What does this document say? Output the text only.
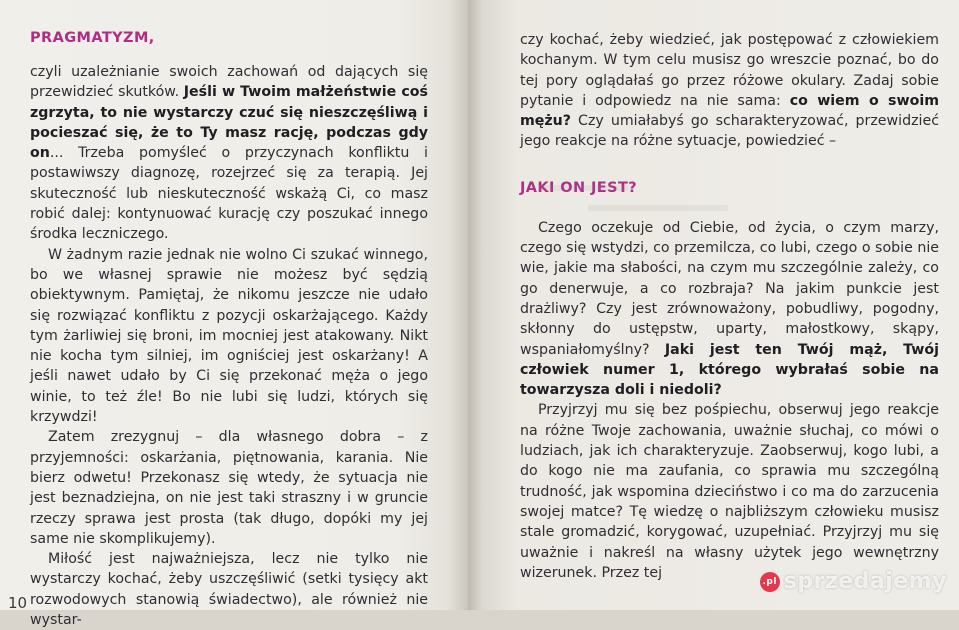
PRAGMATYZM,

czyli uzależnianie swoich zachowań od dających się przewidzieć skutków. Jeśli w Twoim małżeństwie coś zgrzyta, to nie wystarczy czuć się nieszczęśliwą i pocieszać się, że to Ty masz rację, podczas gdy on... Trzeba pomyśleć o przyczynach konfliktu i postawiwszy diagnozę, rozejrzeć się za terapią. Jej skuteczność lub nieskuteczność wskażą Ci, co masz robić dalej: kontynuować kurację czy poszukać innego środka leczniczego.

W żadnym razie jednak nie wolno Ci szukać winnego, bo we własnej sprawie nie możesz być sędzią obiektywnym. Pamiętaj, że nikomu jeszcze nie udało się rozwiązać konfliktu z pozycji oskarżającego. Każdy tym żarliwiej się broni, im mocniej jest atakowany. Nikt nie kocha tym silniej, im ogniściej jest oskarżany! A jeśli nawet udało by Ci się przekonać męża o jego winie, to też źle! Bo nie lubi się ludzi, których się krzywdzi!

Zatem zrezygnuj – dla własnego dobra – z przyjemności: oskarżania, piętnowania, karania. Nie bierz odwetu! Przekonasz się wtedy, że sytuacja nie jest beznadziejna, on nie jest taki straszny i w gruncie rzeczy sprawa jest prosta (tak długo, dopóki my jej same nie skomplikujemy).

Miłość jest najważniejsza, lecz nie tylko nie wystarczy kochać, żeby uszczęśliwić (setki tysięcy akt rozwodowych stanowią świadectwo), ale również nie wystar-

10

czy kochać, żeby wiedzieć, jak postępować z człowiekiem kochanym. W tym celu musisz go wreszcie poznać, bo do tej pory oglądałaś go przez różowe okulary. Zadaj sobie pytanie i odpowiedz na nie sama: co wiem o swoim mężu? Czy umiałabyś go scharakteryzować, przewidzieć jego reakcje na różne sytuacje, powiedzieć –

JAKI ON JEST?

Czego oczekuje od Ciebie, od życia, o czym marzy, czego się wstydzi, co przemilcza, co lubi, czego o sobie nie wie, jakie ma słabości, na czym mu szczególnie zależy, co go denerwuje, a co rozbraja? Na jakim punkcie jest drażliwy? Czy jest zrównoważony, pobudliwy, pogodny, skłonny do ustępstw, uparty, małostkowy, skąpy, wspaniałomyślny? Jaki jest ten Twój mąż, Twój człowiek numer 1, którego wybrałaś sobie na towarzysza doli i niedoli?

Przyjrzyj mu się bez pośpiechu, obserwuj jego reakcje na różne Twoje zachowania, uważnie słuchaj, co mówi o ludziach, jak ich charakteryzuje. Zaobserwuj, kogo lubi, a do kogo nie ma zaufania, co sprawia mu szczególną trudność, jak wspomina dzieciństwo i co ma do zarzucenia swojej matce? Tę wiedzę o najbliższym człowieku musisz stale gromadzić, korygować, uzupełniać. Przyjrzyj mu się uważnie i nakreśl na własny użytek jego wewnętrzny wizerunek. Przez tej

.pl sprzedajemy
